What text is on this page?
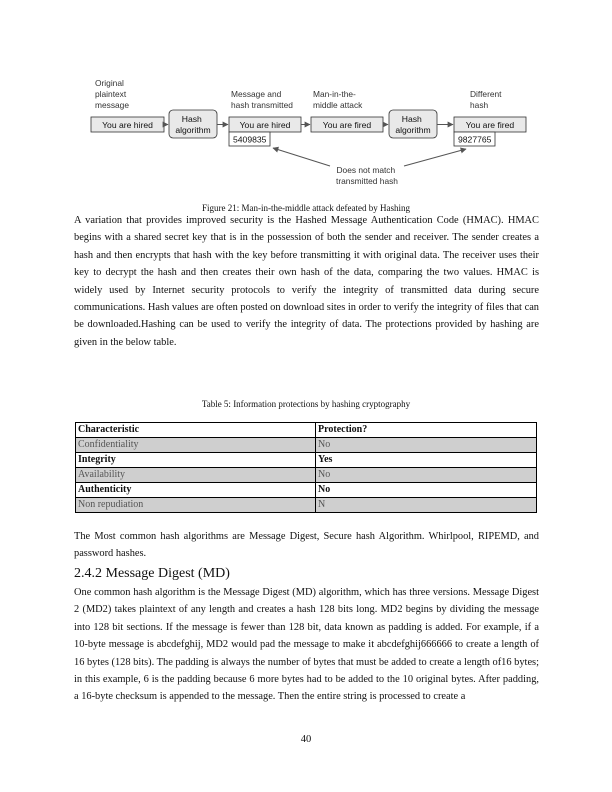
Original plaintext message
Message and hash transmitted
Man-in-the- middle attack
Different hash
You are hired
Hash algorithm	You are hired
5409835
You are fired
Hash algorithm	You are fired
9827765
Does not match transmitted hash

Figure 21: Man-in-the-middle attack defeated by Hashing

A variation that provides improved security is the Hashed Message Authentication Code (HMAC). HMAC begins with a shared secret key that is in the possession of both the sender and receiver. The sender creates a hash and then encrypts that hash with the key before transmitting it with original data. The receiver uses their key to decrypt the hash and then creates their own hash of the data, comparing the two values. HMAC is widely used by Internet security protocols to verify the integrity of transmitted data during secure communications. Hash values are often posted on download sites in order to verify the integrity of files that can be downloaded.Hashing can be used to verify the integrity of data. The protections provided by hashing are given in the below table.

Table 5: Information protections by hashing cryptography

Characteristic	Protection?
Confidentiality	No
Integrity	Yes
Availability	No
Authenticity	No
Non repudiation	N

The Most common hash algorithms are Message Digest, Secure hash Algorithm. Whirlpool, RIPEMD, and password hashes.

2.4.2 Message Digest (MD)

One common hash algorithm is the Message Digest (MD) algorithm, which has three versions. Message Digest 2 (MD2) takes plaintext of any length and creates a hash 128 bits long. MD2 begins by dividing the message into 128 bit sections. If the message is fewer than 128 bit, data known as padding is added. For example, if a 10-byte message is abcdefghij, MD2 would pad the message to make it abcdefghij666666 to create a length of 16 bytes (128 bits). The padding is always the number of bytes that must be added to create a length of16 bytes; in this example, 6 is the padding because 6 more bytes had to be added to the 10 original bytes. After padding, a 16-byte checksum is appended to the message. Then the entire string is processed to create a

40
